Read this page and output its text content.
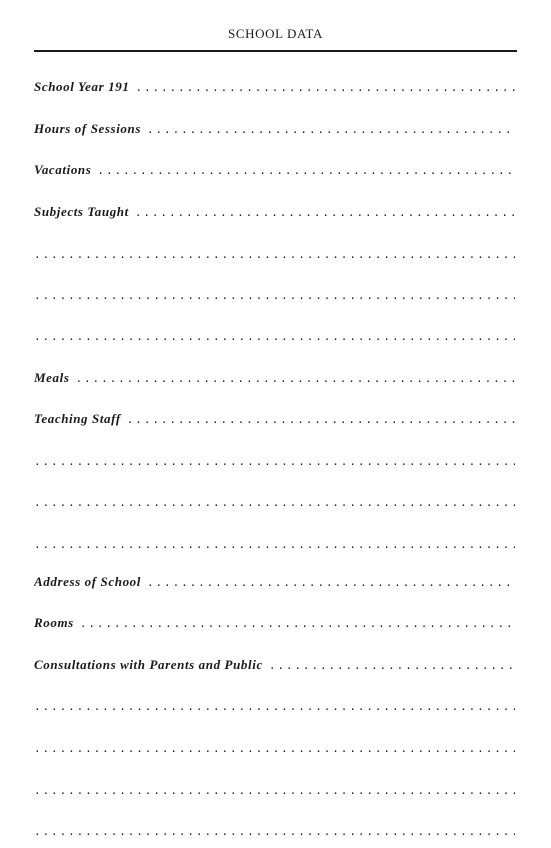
SCHOOL DATA
School Year 191
.....
Hours of Sessions
.....
Vacations
.....
Subjects Taught
.....
.....
.....
.....
Meals
.....
Teaching Staff
.....
.....
.....
.....
Address of School
.....
Rooms
.....
Consultations with Parents and Public
.....
.....
.....
.....
.....
